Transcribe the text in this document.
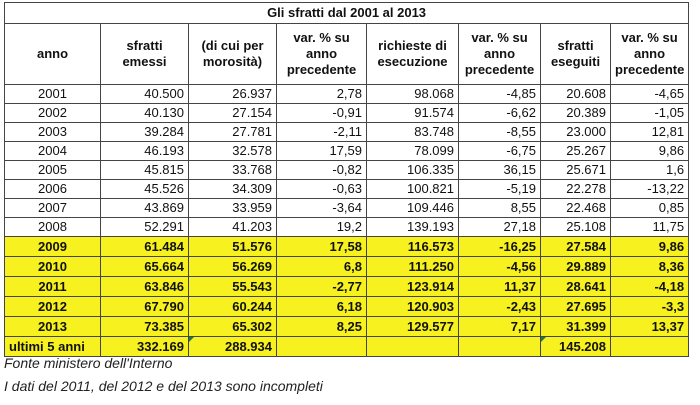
Gli sfratti dal 2001 al 2013							
anno	sfratti emessi	(di cui per morosità)	var. % su anno precedente	richieste di esecuzione	var. % su anno precedente	sfratti eseguiti	var. % su anno precedente
2001	40.500	26.937	2,78	98.068	-4,85	20.608	-4,65
2002	40.130	27.154	-0,91	91.574	-6,62	20.389	-1,05
2003	39.284	27.781	-2,11	83.748	-8,55	23.000	12,81
2004	46.193	32.578	17,59	78.099	-6,75	25.267	9,86
2005	45.815	33.768	-0,82	106.335	36,15	25.671	1,6
2006	45.526	34.309	-0,63	100.821	-5,19	22.278	-13,22
2007	43.869	33.959	-3,64	109.446	8,55	22.468	0,85
2008	52.291	41.203	19,2	139.193	27,18	25.108	11,75
2009	61.484	51.576	17,58	116.573	-16,25	27.584	9,86
2010	65.664	56.269	6,8	111.250	-4,56	29.889	8,36
2011	63.846	55.543	-2,77	123.914	11,37	28.641	-4,18
2012	67.790	60.244	6,18	120.903	-2,43	27.695	-3,3
2013	73.385	65.302	8,25	129.577	7,17	31.399	13,37
ultimi 5 anni	332.169	288.934				145.208	
Fonte ministero dell'Interno
I dati del 2011, del 2012 e del 2013 sono incompleti
